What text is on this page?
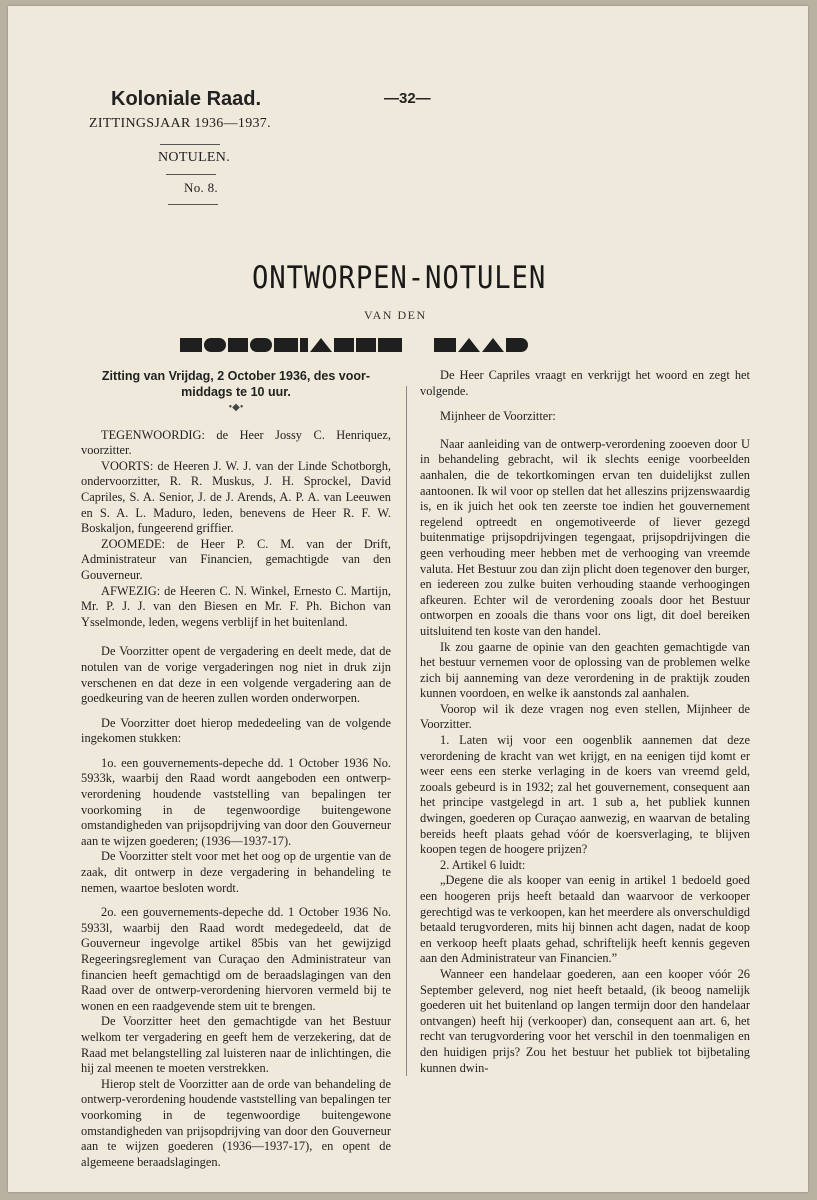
Koloniale Raad.
ZITTINGSJAAR 1936—1937.
NOTULEN.
No. 8.
—32—
ONTWORPEN-NOTULEN
VAN DEN
Zitting van Vrijdag, 2 October 1936, des voor-middags te 10 uur.
•◆•

TEGENWOORDIG: de Heer Jossy C. Henriquez, voorzitter.

VOORTS: de Heeren J. W. J. van der Linde Schotborgh, ondervoorzitter, R. R. Muskus, J. H. Sprockel, David Capriles, S. A. Senior, J. de J. Arends, A. P. A. van Leeuwen en S. A. L. Maduro, leden, benevens de Heer R. F. W. Boskaljon, fungeerend griffier.

ZOOMEDE: de Heer P. C. M. van der Drift, Administrateur van Financien, gemachtigde van den Gouverneur.

AFWEZIG: de Heeren C. N. Winkel, Ernesto C. Martijn, Mr. P. J. J. van den Biesen en Mr. F. Ph. Bichon van Ysselmonde, leden, wegens verblijf in het buitenland.

De Voorzitter opent de vergadering en deelt mede, dat de notulen van de vorige vergaderingen nog niet in druk zijn verschenen en dat deze in een volgende vergadering aan de goedkeuring van de heeren zullen worden onderworpen.

De Voorzitter doet hierop mededeeling van de volgende ingekomen stukken:

1o. een gouvernements-depeche dd. 1 October 1936 No. 5933k, waarbij den Raad wordt aangeboden een ontwerp-verordening houdende vaststelling van bepalingen ter voorkoming in de tegenwoordige buitengewone omstandigheden van prijsopdrijving van door den Gouverneur aan te wijzen goederen; (1936—1937-17).

De Voorzitter stelt voor met het oog op de urgentie van de zaak, dit ontwerp in deze vergadering in behandeling te nemen, waartoe besloten wordt.

2o. een gouvernements-depeche dd. 1 October 1936 No. 5933l, waarbij den Raad wordt medegedeeld, dat de Gouverneur ingevolge artikel 85bis van het gewijzigd Regeeringsreglement van Curaçao den Administrateur van financien heeft gemachtigd om de beraadslagingen van den Raad over de ontwerp-verordening hiervoren vermeld bij te wonen en een raadgevende stem uit te brengen.

De Voorzitter heet den gemachtigde van het Bestuur welkom ter vergadering en geeft hem de verzekering, dat de Raad met belangstelling zal luisteren naar de inlichtingen, die hij zal meenen te moeten verstrekken.

Hierop stelt de Voorzitter aan de orde van behandeling de ontwerp-verordening houdende vaststelling van bepalingen ter voorkoming in de tegenwoordige buitengewone omstandigheden van prijsopdrijving van door den Gouverneur aan te wijzen goederen (1936—1937-17), en opent de algemeene beraadslagingen.

De Heer Capriles vraagt en verkrijgt het woord en zegt het volgende.

Mijnheer de Voorzitter:

Naar aanleiding van de ontwerp-verordening zooeven door U in behandeling gebracht, wil ik slechts eenige voorbeelden aanhalen, die de tekortkomingen ervan ten duidelijkst zullen aantoonen. Ik wil voor op stellen dat het alleszins prijzenswaardig is, en ik juich het ook ten zeerste toe indien het gouvernement regelend optreedt en ongemotiveerde of liever gezegd buitenmatige prijsopdrijvingen tegengaat, prijsopdrijvingen die geen verhouding meer hebben met de verhooging van vreemde valuta. Het Bestuur zou dan zijn plicht doen tegenover den burger, en iedereen zou zulke buiten verhouding staande verhoogingen afkeuren. Echter wil de verordening zooals door het Bestuur ontworpen en zooals die thans voor ons ligt, dit doel bereiken uitsluitend ten koste van den handel.

Ik zou gaarne de opinie van den geachten gemachtigde van het bestuur vernemen voor de oplossing van de problemen welke zich bij aanneming van deze verordening in de praktijk zouden kunnen voordoen, en welke ik aanstonds zal aanhalen.

Voorop wil ik deze vragen nog even stellen, Mijnheer de Voorzitter.

1. Laten wij voor een oogenblik aannemen dat deze verordening de kracht van wet krijgt, en na eenigen tijd komt er weer eens een sterke verlaging in de koers van vreemd geld, zooals gebeurd is in 1932; zal het gouvernement, consequent aan het principe vastgelegd in art. 1 sub a, het publiek kunnen dwingen, goederen op Curaçao aanwezig, en waarvan de betaling bereids heeft plaats gehad vóór de koersverlaging, te blijven koopen tegen de hoogere prijzen?

2. Artikel 6 luidt:

„Degene die als kooper van eenig in artikel 1 bedoeld goed een hoogeren prijs heeft betaald dan waarvoor de verkooper gerechtigd was te verkoopen, kan het meerdere als onverschuldigd betaald terugvorderen, mits hij binnen acht dagen, nadat de koop en verkoop heeft plaats gehad, schriftelijk heeft kennis gegeven aan den Administrateur van Financien.”

Wanneer een handelaar goederen, aan een kooper vóór 26 September geleverd, nog niet heeft betaald, (ik beoog namelijk goederen uit het buitenland op langen termijn door den handelaar ontvangen) heeft hij (verkooper) dan, consequent aan art. 6, het recht van terugvordering voor het verschil in den toenmaligen en den huidigen prijs? Zou het bestuur het publiek tot bijbetaling kunnen dwin-
